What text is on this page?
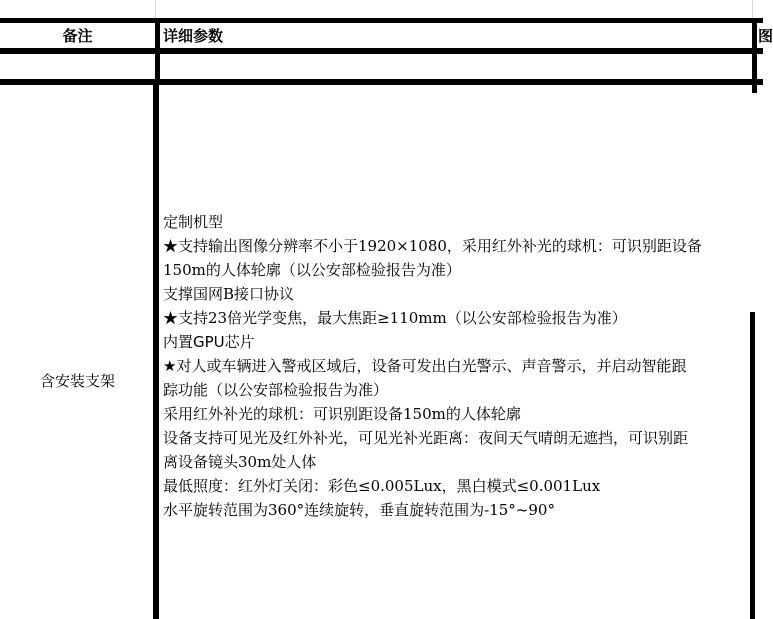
备注	详细参数	图
含安装支架
定制机型
★支持输出图像分辨率不小于1920×1080，采用红外补光的球机：可识别距设备
150m的人体轮廓（以公安部检验报告为准）
支撑国网B接口协议
★支持23倍光学变焦，最大焦距≥110mm（以公安部检验报告为准）
内置GPU芯片
★对人或车辆进入警戒区域后，设备可发出白光警示、声音警示，并启动智能跟
踪功能（以公安部检验报告为准）
采用红外补光的球机：可识别距设备150m的人体轮廓
设备支持可见光及红外补光，可见光补光距离：夜间天气晴朗无遮挡，可识别距
离设备镜头30m处人体
最低照度：红外灯关闭：彩色≤0.005Lux，黑白模式≤0.001Lux
水平旋转范围为360°连续旋转，垂直旋转范围为-15°~90°
